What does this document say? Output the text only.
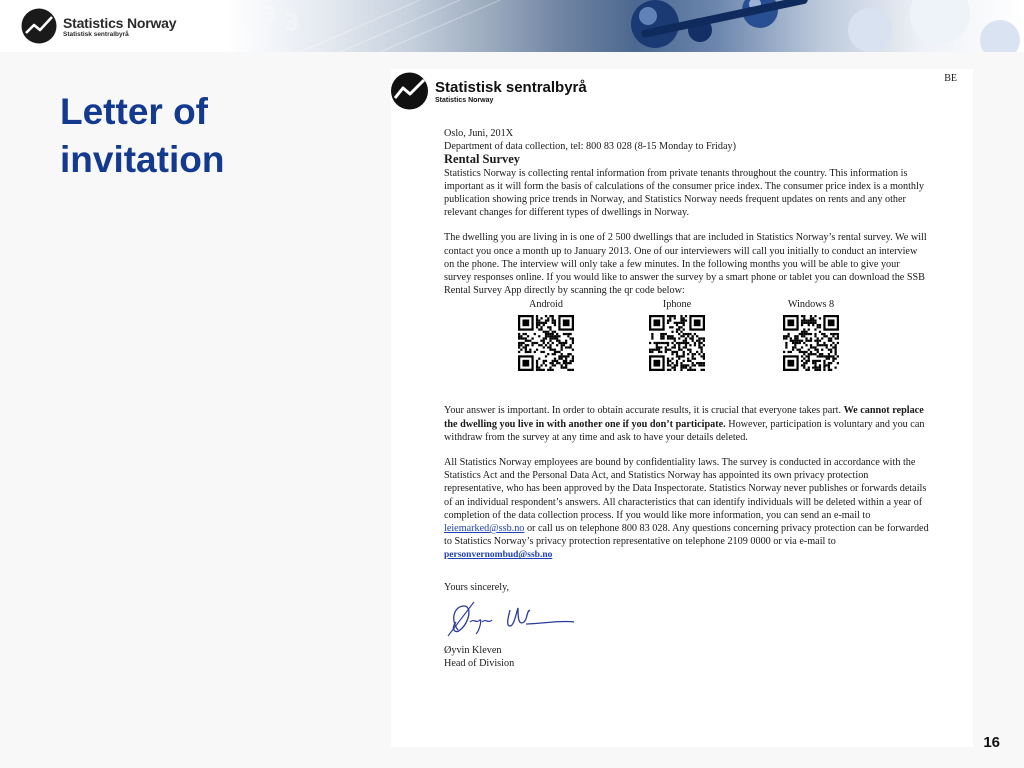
3 3
0
Statistics Norway
Statistisk sentralbyrå
Letter of
invitation
Statistisk sentralbyrå
Statistics Norway
BE

Oslo, Juni, 201X

Department of data collection, tel: 800 83 028 (8-15 Monday to Friday)

Rental Survey

Statistics Norway is collecting rental information from private tenants throughout the country. This information is important as it will form the basis of calculations of the consumer price index. The consumer price index is a monthly publication showing price trends in Norway, and Statistics Norway needs frequent updates on rents and any other relevant changes for different types of dwellings in Norway.

The dwelling you are living in is one of 2 500 dwellings that are included in Statistics Norway’s rental survey. We will contact you once a month up to January 2013. One of our interviewers will call you initially to conduct an interview on the phone. The interview will only take a few minutes. In the following months you will be able to give your survey responses online. If you would like to answer the survey by a smart phone or tablet you can download the SSB Rental Survey App directly by scanning the qr code below:

Android	Iphone	Windows 8

Your answer is important. In order to obtain accurate results, it is crucial that everyone takes part. We cannot replace the dwelling you live in with another one if you don’t participate. However, participation is voluntary and you can withdraw from the survey at any time and ask to have your details deleted.

All Statistics Norway employees are bound by confidentiality laws. The survey is conducted in accordance with the Statistics Act and the Personal Data Act, and Statistics Norway has appointed its own privacy protection representative, who has been approved by the Data Inspectorate. Statistics Norway never publishes or forwards details of an individual respondent’s answers. All characteristics that can identify individuals will be deleted within a year of completion of the data collection process. If you would like more information, you can send an e-mail to leiemarked@ssb.no or call us on telephone 800 83 028. Any questions concerning privacy protection can be forwarded to Statistics Norway’s privacy protection representative on telephone 2109 0000 or via e-mail to personvernombud@ssb.no

Yours sincerely,

Øyvin Kleven

Head of Division

16
